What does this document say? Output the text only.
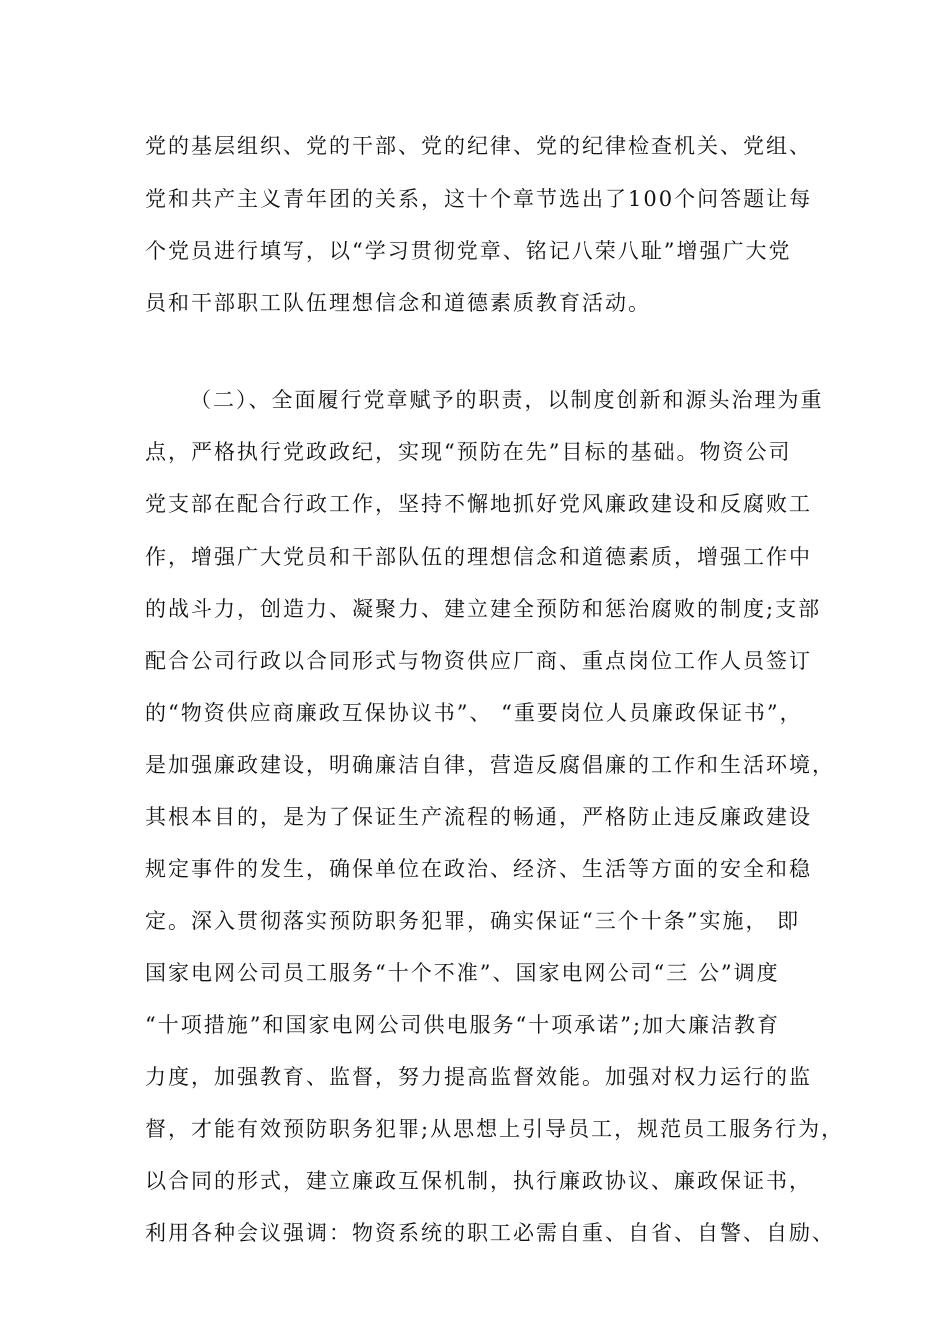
党的基层组织、党的干部、党的纪律、党的纪律检查机关、党组、
党和共产主义青年团的关系，这十个章节选出了100个问答题让每
个党员进行填写，以“学习贯彻党章、铭记八荣八耻”增强广大党
员和干部职工队伍理想信念和道德素质教育活动。
（二）、全面履行党章赋予的职责，以制度创新和源头治理为重
点，严格执行党政政纪，实现“预防在先”目标的基础。物资公司
党支部在配合行政工作，坚持不懈地抓好党风廉政建设和反腐败工
作，增强广大党员和干部队伍的理想信念和道德素质，增强工作中
的战斗力，创造力、凝聚力、建立建全预防和惩治腐败的制度;支部
配合公司行政以合同形式与物资供应厂商、重点岗位工作人员签订
的“物资供应商廉政互保协议书”、 “重要岗位人员廉政保证书”，
是加强廉政建设，明确廉洁自律，营造反腐倡廉的工作和生活环境，
其根本目的，是为了保证生产流程的畅通，严格防止违反廉政建设
规定事件的发生，确保单位在政治、经济、生活等方面的安全和稳
定。深入贯彻落实预防职务犯罪，确实保证“三个十条”实施， 即
国家电网公司员工服务“十个不准”、国家电网公司“三 公”调度
“十项措施”和国家电网公司供电服务“十项承诺”;加大廉洁教育
力度，加强教育、监督，努力提高监督效能。加强对权力运行的监
督，才能有效预防职务犯罪;从思想上引导员工，规范员工服务行为，
以合同的形式，建立廉政互保机制，执行廉政协议、廉政保证书，
利用各种会议强调：物资系统的职工必需自重、自省、自警、自励、
